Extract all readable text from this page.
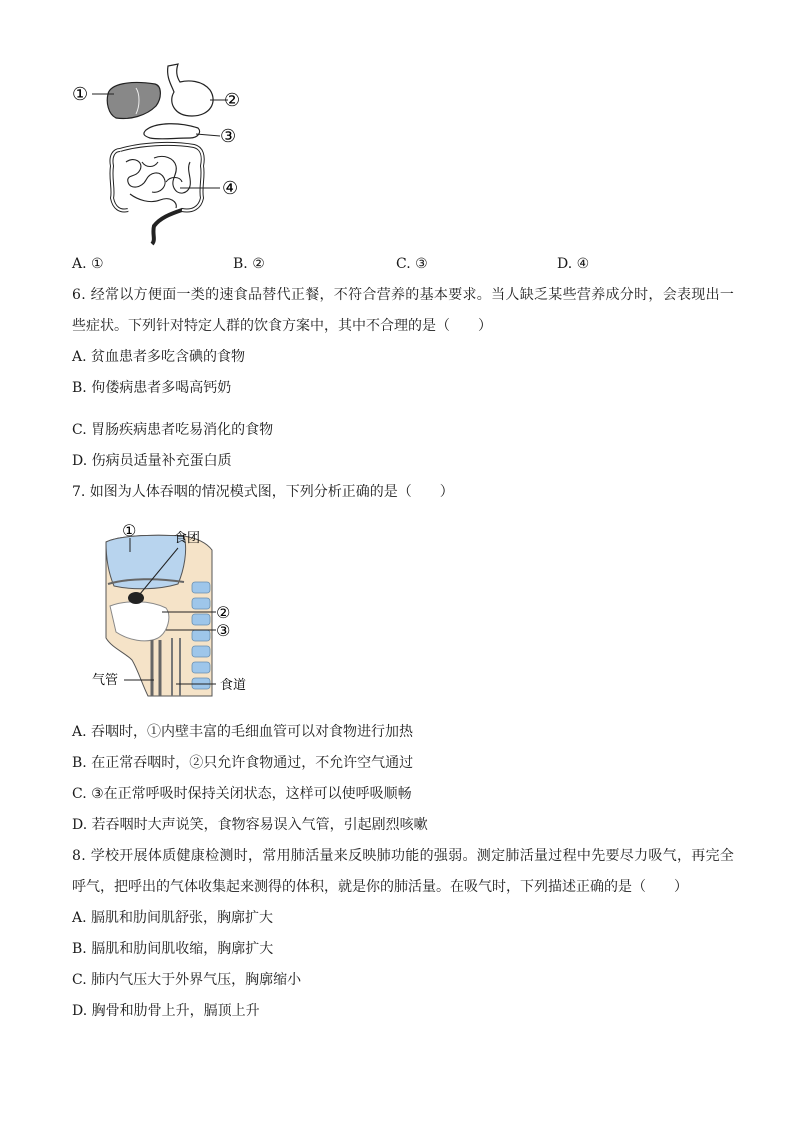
①	②
③
④
A. ①	B. ②	C. ③	D. ④
6. 经常以方便面一类的速食品替代正餐，不符合营养的基本要求。当人缺乏某些营养成分时，会表现出一
些症状。下列针对特定人群的饮食方案中，其中不合理的是（　　）
A. 贫血患者多吃含碘的食物
B. 佝偻病患者多喝高钙奶
C. 胃肠疾病患者吃易消化的食物
D. 伤病员适量补充蛋白质
7. 如图为人体吞咽的情况模式图，下列分析正确的是（　　）
①	食团
②
③
气管	食道
A. 吞咽时，①内壁丰富的毛细血管可以对食物进行加热
B. 在正常吞咽时，②只允许食物通过，不允许空气通过
C. ③在正常呼吸时保持关闭状态，这样可以使呼吸顺畅
D. 若吞咽时大声说笑，食物容易误入气管，引起剧烈咳嗽
8. 学校开展体质健康检测时，常用肺活量来反映肺功能的强弱。测定肺活量过程中先要尽力吸气，再完全
呼气，把呼出的气体收集起来测得的体积，就是你的肺活量。在吸气时，下列描述正确的是（　　）
A. 膈肌和肋间肌舒张，胸廓扩大
B. 膈肌和肋间肌收缩，胸廓扩大
C. 肺内气压大于外界气压，胸廓缩小
D. 胸骨和肋骨上升，膈顶上升
